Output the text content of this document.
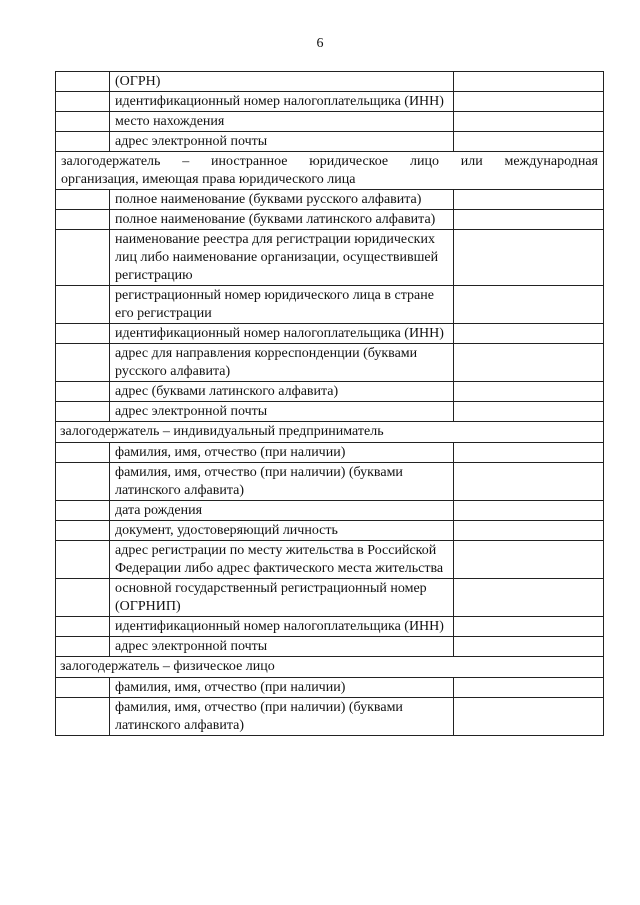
6
	(ОГРН)	
	идентификационный номер налогоплательщика (ИНН)	
	место нахождения	
	адрес электронной почты	

залогодержатель – иностранное юридическое лицо или международная
организация, имеющая права юридического лица		

	полное наименование (буквами русского алфавита)	
	полное наименование (буквами латинского алфавита)	
	наименование реестра для регистрации юридических лиц либо наименование организации, осуществившей регистрацию	
	регистрационный номер юридического лица в стране его регистрации	
	идентификационный номер налогоплательщика (ИНН)	
	адрес для направления корреспонденции (буквами русского алфавита)	
	адрес (буквами латинского алфавита)	
	адрес электронной почты	
залогодержатель – индивидуальный предприниматель		
	фамилия, имя, отчество (при наличии)	
	фамилия, имя, отчество (при наличии) (буквами латинского алфавита)	
	дата рождения	
	документ, удостоверяющий личность	
	адрес регистрации по месту жительства в Российской Федерации либо адрес фактического места жительства	
	основной государственный регистрационный номер (ОГРНИП)	
	идентификационный номер налогоплательщика (ИНН)	
	адрес электронной почты	
залогодержатель – физическое лицо		
	фамилия, имя, отчество (при наличии)	
	фамилия, имя, отчество (при наличии) (буквами латинского алфавита)	
